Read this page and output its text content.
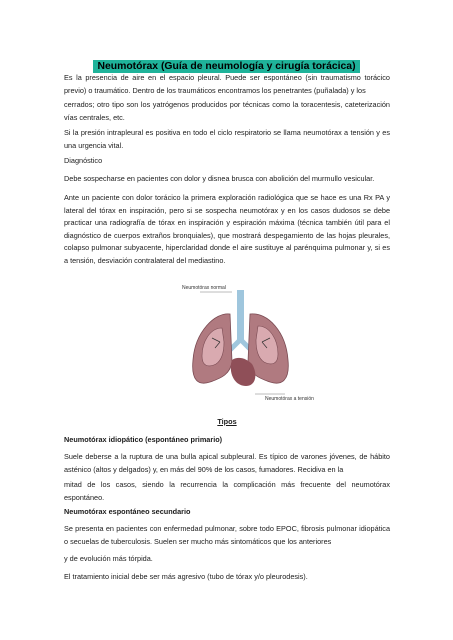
Neumotórax (Guía de neumología y cirugía torácica)

Es la presencia de aire en el espacio pleural. Puede ser espontáneo (sin traumatismo torácico previo) o traumático. Dentro de los traumáticos encontramos los penetrantes (puñalada) y los

cerrados; otro tipo son los yatrógenos producidos por técnicas como la toracentesis, cateterización vías centrales, etc.

Si la presión intrapleural es positiva en todo el ciclo respiratorio se llama neumotórax a tensión y es una urgencia vital.

Diagnóstico

Debe sospecharse en pacientes con dolor y disnea brusca con abolición del murmullo vesicular.

Ante un paciente con dolor torácico la primera exploración radiológica que se hace es una Rx PA y lateral del tórax en inspiración, pero si se sospecha neumotórax y en los casos dudosos se debe practicar una radiografía de tórax en inspiración y espiración máxima (técnica también útil para el diagnóstico de cuerpos extraños bronquiales), que mostrará despegamiento de las hojas pleurales, colapso pulmonar subyacente, hiperclaridad donde el aire sustituye al parénquima pulmonar y, si es a tensión, desviación contralateral del mediastino.

Neumotórax normal
Neumotórax a tensión

Tipos

Neumotórax idiopático (espontáneo primario)

Suele deberse a la ruptura de una bulla apical subpleural. Es típico de varones jóvenes, de hábito asténico (altos y delgados) y, en más del 90% de los casos, fumadores. Recidiva en la

mitad de los casos, siendo la recurrencia la complicación más frecuente del neumotórax espontáneo.

Neumotórax espontáneo secundario

Se presenta en pacientes con enfermedad pulmonar, sobre todo EPOC, fibrosis pulmonar idiopática o secuelas de tuberculosis. Suelen ser mucho más sintomáticos que los anteriores

y de evolución más tórpida.

El tratamiento inicial debe ser más agresivo (tubo de tórax y/o pleurodesis).
